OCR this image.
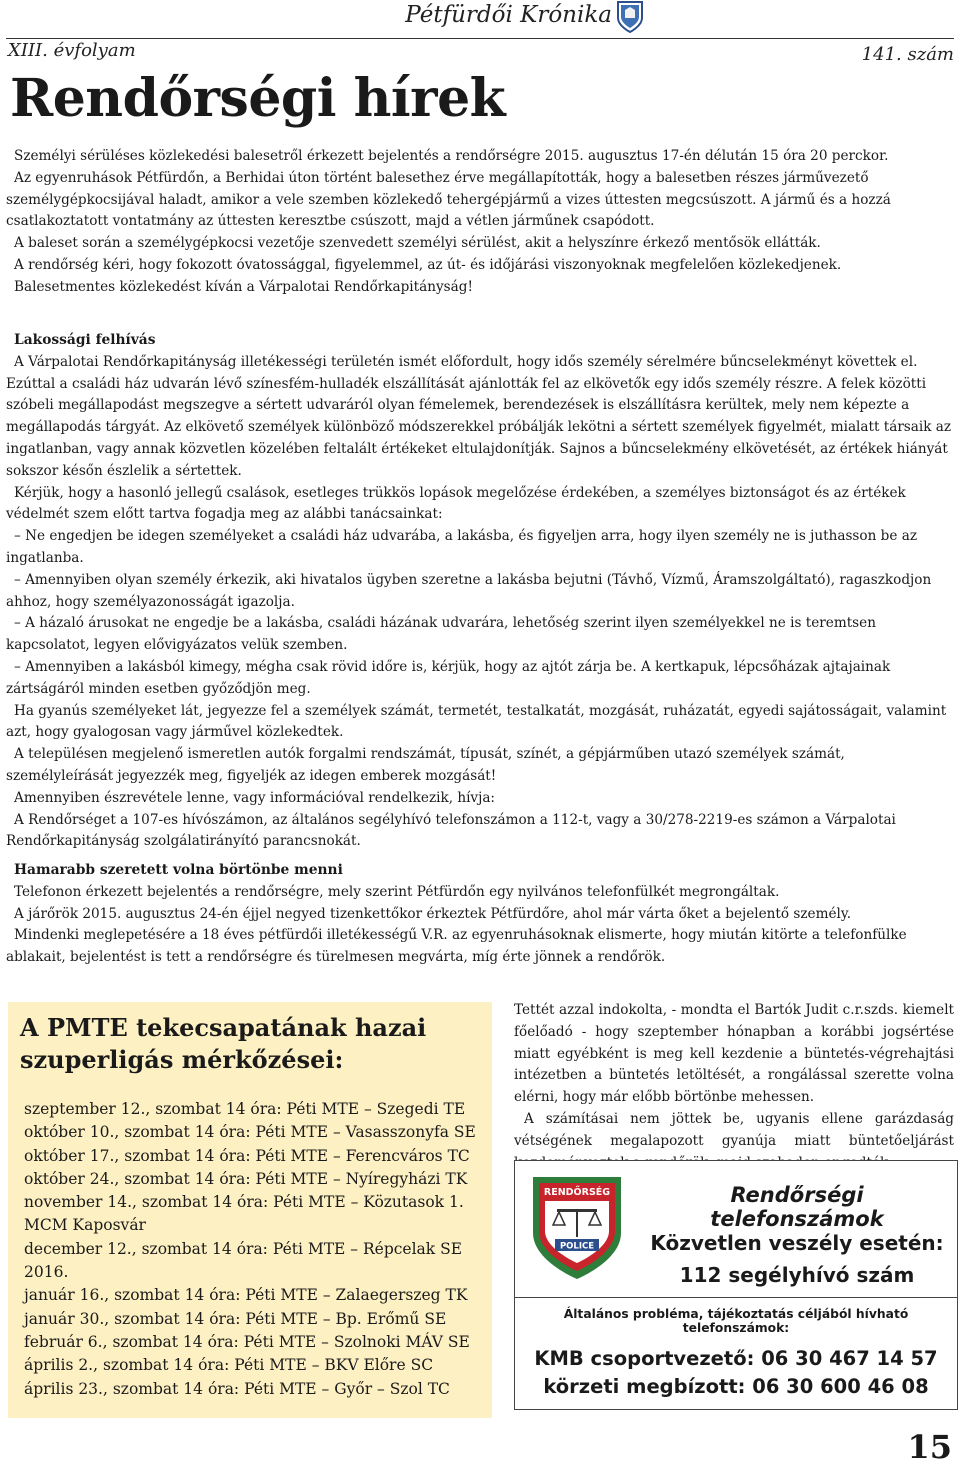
Pétfürdői Krónika
XIII. évfolyam	141. szám
Rendőrségi hírek

Személyi sérüléses közlekedési balesetről érkezett bejelentés a rendőrségre 2015. augusztus 17-én délután 15 óra 20 perckor.

Az egyenruhások Pétfürdőn, a Berhidai úton történt balesethez érve megállapították, hogy a balesetben részes járművezető személygépkocsijával haladt, amikor a vele szemben közlekedő tehergépjármű a vizes úttesten megcsúszott. A jármű és a hozzá csatlakoztatott vontatmány az úttesten keresztbe csúszott, majd a vétlen járműnek csapódott.

A baleset során a személygépkocsi vezetője szenvedett személyi sérülést, akit a helyszínre érkező mentősök ellátták.

A rendőrség kéri, hogy fokozott óvatossággal, figyelemmel, az út- és időjárási viszonyoknak megfelelően közlekedjenek.

Balesetmentes közlekedést kíván a Várpalotai Rendőrkapitányság!

Lakossági felhívás

A Várpalotai Rendőrkapitányság illetékességi területén ismét előfordult, hogy idős személy sérelmére bűncselekményt követtek el. Ezúttal a családi ház udvarán lévő színesfém-hulladék elszállítását ajánlották fel az elkövetők egy idős személy részre. A felek közötti szóbeli megállapodást megszegve a sértett udvaráról olyan fémelemek, berendezések is elszállításra kerültek, mely nem képezte a megállapodás tárgyát. Az elkövető személyek különböző módszerekkel próbálják lekötni a sértett személyek figyelmét, mialatt társaik az ingatlanban, vagy annak közvetlen közelében feltalált értékeket eltulajdonítják. Sajnos a bűncselekmény elkövetését, az értékek hiányát sokszor későn észlelik a sértettek.

Kérjük, hogy a hasonló jellegű csalások, esetleges trükkös lopások megelőzése érdekében, a személyes biztonságot és az értékek védelmét szem előtt tartva fogadja meg az alábbi tanácsainkat:

– Ne engedjen be idegen személyeket a családi ház udvarába, a lakásba, és figyeljen arra, hogy ilyen személy ne is juthasson be az ingatlanba.

– Amennyiben olyan személy érkezik, aki hivatalos ügyben szeretne a lakásba bejutni (Távhő, Vízmű, Áramszolgáltató), ragaszkodjon ahhoz, hogy személyazonosságát igazolja.

– A házaló árusokat ne engedje be a lakásba, családi házának udvarára, lehetőség szerint ilyen személyekkel ne is teremtsen kapcsolatot, legyen elővigyázatos velük szemben.

– Amennyiben a lakásból kimegy, mégha csak rövid időre is, kérjük, hogy az ajtót zárja be. A kertkapuk, lépcsőházak ajtajainak zártságáról minden esetben győződjön meg.

Ha gyanús személyeket lát, jegyezze fel a személyek számát, termetét, testalkatát, mozgását, ruházatát, egyedi sajátosságait, valamint azt, hogy gyalogosan vagy járművel közlekedtek.

A településen megjelenő ismeretlen autók forgalmi rendszámát, típusát, színét, a gépjárműben utazó személyek számát, személyleírását jegyezzék meg, figyeljék az idegen emberek mozgását!

Amennyiben észrevétele lenne, vagy információval rendelkezik, hívja:

A Rendőrséget a 107-es hívószámon, az általános segélyhívó telefonszámon a 112-t, vagy a 30/278-2219-es számon a Várpalotai Rendőrkapitányság szolgálatirányító parancsnokát.

Hamarabb szeretett volna börtönbe menni

Telefonon érkezett bejelentés a rendőrségre, mely szerint Pétfürdőn egy nyilvános telefonfülkét megrongáltak.

A járőrök 2015. augusztus 24-én éjjel negyed tizenkettőkor érkeztek Pétfürdőre, ahol már várta őket a bejelentő személy.

Mindenki meglepetésére a 18 éves pétfürdői illetékességű V.R. az egyenruhásoknak elismerte, hogy miután kitörte a telefonfülke ablakait, bejelentést is tett a rendőrségre és türelmesen megvárta, míg érte jönnek a rendőrök.

Tettét azzal indokolta, - mondta el Bartók Judit c.r.szds. kiemelt főelőadó - hogy szeptember hónapban a korábbi jogsértése miatt egyébként is meg kell kezdenie a büntetés-végrehajtási intézetben a büntetés letöltését, a rongálással szerette volna elérni, hogy már előbb börtönbe mehessen.

A számításai nem jöttek be, ugyanis ellene garázdaság vétségének megalapozott gyanúja miatt büntetőeljárást

A PMTE tekecsapatának hazai szuperligás mérkőzései:
szeptember 12., szombat 14 óra: Péti MTE – Szegedi TE
október 10., szombat 14 óra: Péti MTE – Vasasszonyfa SE
október 17., szombat 14 óra: Péti MTE – Ferencváros TC
október 24., szombat 14 óra: Péti MTE – Nyíregyházi TK
november 14., szombat 14 óra: Péti MTE – Közutasok 1. MCM Kaposvár
december 12., szombat 14 óra: Péti MTE – Répcelak SE
2016.
január 16., szombat 14 óra: Péti MTE – Zalaegerszeg TK
január 30., szombat 14 óra: Péti MTE – Bp. Erőmű SE
február 6., szombat 14 óra: Péti MTE – Szolnoki MÁV SE
április 2., szombat 14 óra: Péti MTE – BKV Előre SC
április 23., szombat 14 óra: Péti MTE – Győr – Szol TC
RENDŐRSÉG
POLICE
Rendőrségi telefonszámok
Közvetlen veszély esetén:
112 segélyhívó szám
Általános probléma, tájékoztatás céljából hívható telefonszámok:
KMB csoportvezető: 06 30 467 14 57
körzeti megbízott: 06 30 600 46 08
15
